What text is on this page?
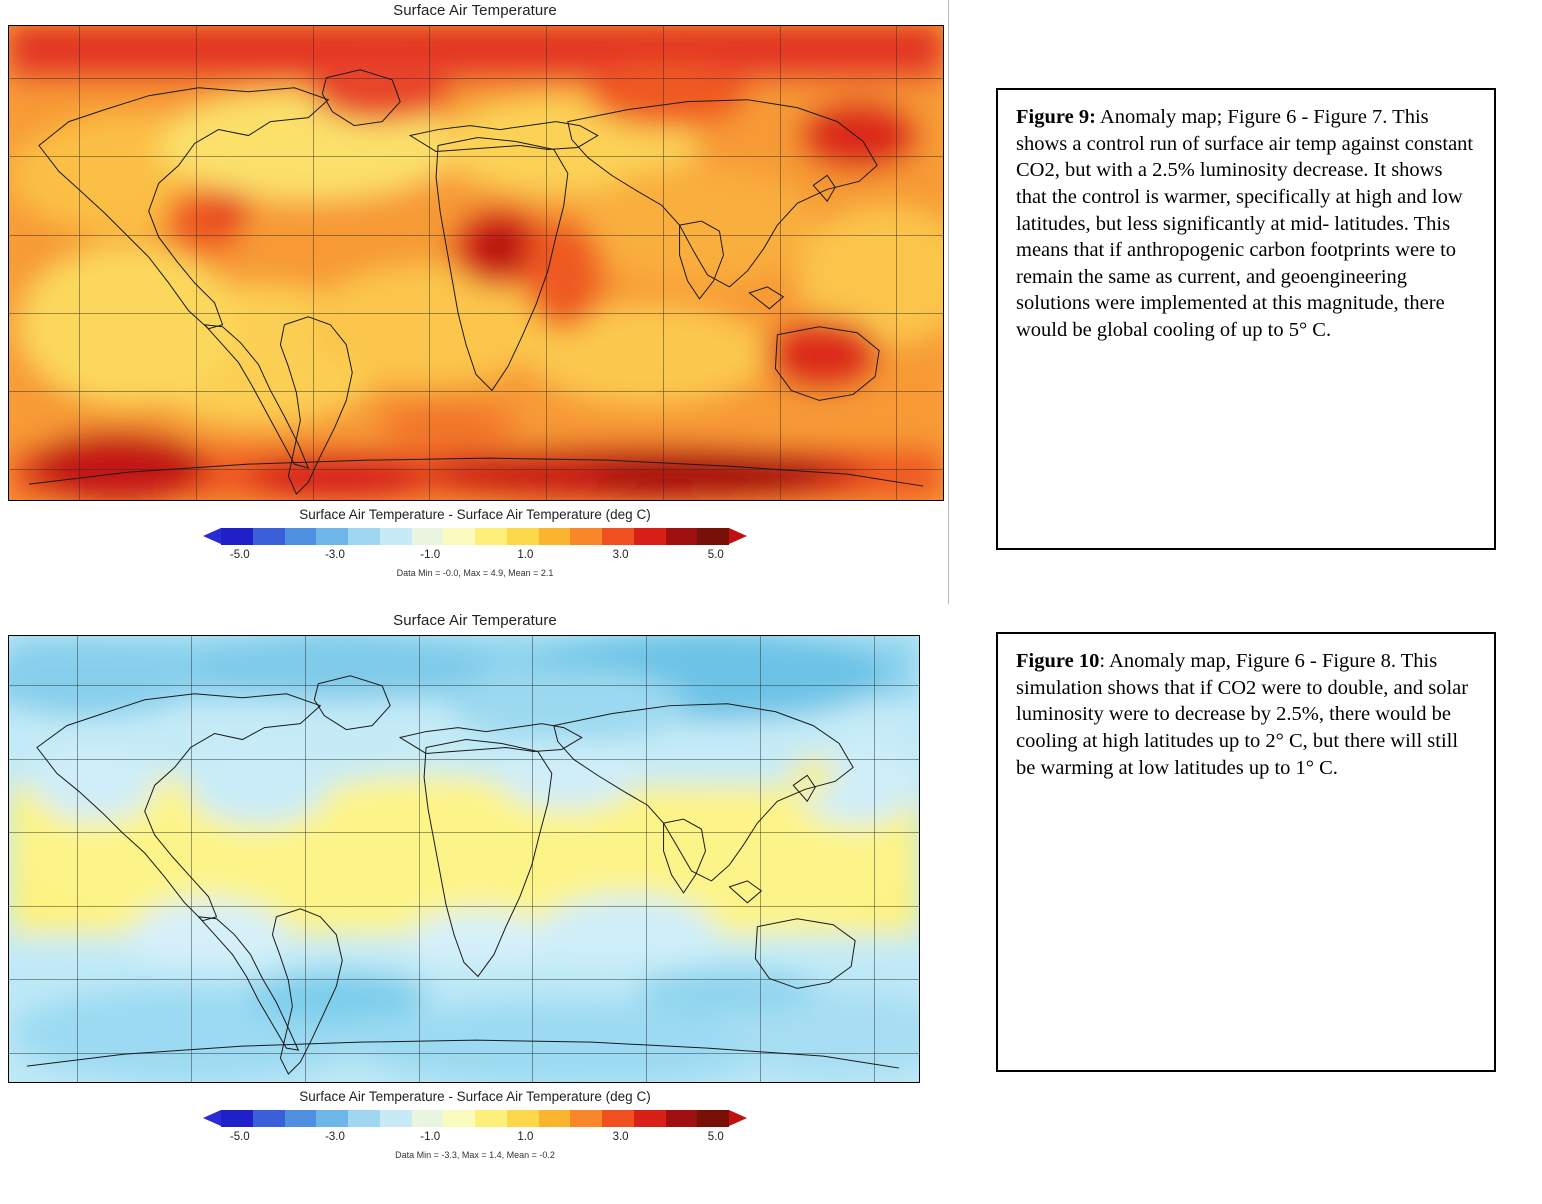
Surface Air Temperature
Surface Air Temperature - Surface Air Temperature (deg C)
-5.0	-3.0	-1.0	1.0	3.0	5.0
Data Min = -0.0, Max = 4.9, Mean = 2.1
Surface Air Temperature
Surface Air Temperature - Surface Air Temperature (deg C)
-5.0	-3.0	-1.0	1.0	3.0	5.0
Data Min = -3.3, Max = 1.4, Mean = -0.2
Figure 9: Anomaly map; Figure 6 - Figure 7. This shows a control run of surface air temp against constant CO2, but with a 2.5% luminosity decrease. It shows that the control is warmer, specifically at high and low latitudes, but less significantly at mid- latitudes. This means that if anthropogenic carbon footprints were to remain the same as current, and geoengineering solutions were implemented at this magnitude, there would be global cooling of up to 5° C.
Figure 10: Anomaly map, Figure 6 - Figure 8. This simulation shows that if CO2 were to double, and solar luminosity were to decrease by 2.5%, there would be cooling at high latitudes up to 2° C, but there will still be warming at low latitudes up to 1° C.
